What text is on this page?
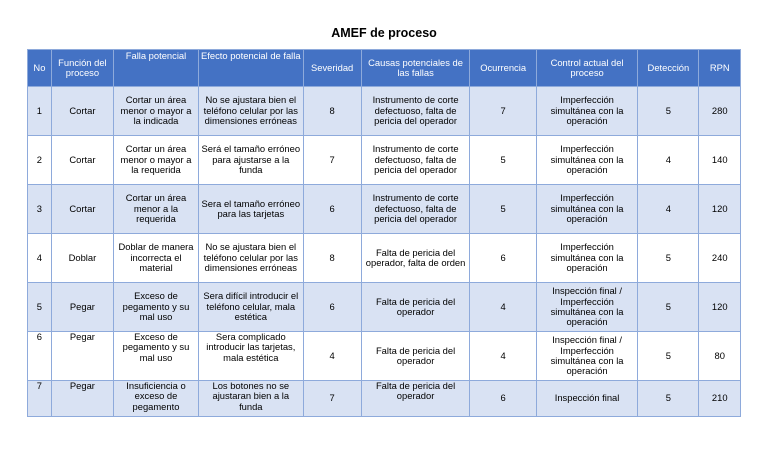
AMEF de proceso
No	Función del proceso	Falla potencial	Efecto potencial de falla	Severidad	Causas potenciales de las fallas	Ocurrencia	Control actual del proceso	Detección	RPN
1	Cortar	Cortar un área menor o mayor a la indicada	No se ajustara bien el teléfono celular por las dimensiones erróneas	8	Instrumento de corte defectuoso, falta de pericia del operador	7	Imperfección simultánea con la operación	5	280
2	Cortar	Cortar un área menor o mayor a la requerida	Será el tamaño erróneo para ajustarse a la funda	7	Instrumento de corte defectuoso, falta de pericia del operador	5	Imperfección simultánea con la operación	4	140
3	Cortar	Cortar un área menor a la requerida	Sera el tamaño erróneo para las tarjetas	6	Instrumento de corte defectuoso, falta de pericia del operador	5	Imperfección simultánea con la operación	4	120
4	Doblar	Doblar de manera incorrecta el material	No se ajustara bien el teléfono celular por las dimensiones erróneas	8	Falta de pericia del operador, falta de orden	6	Imperfección simultánea con la operación	5	240
5	Pegar	Exceso de pegamento y su mal uso	Sera difícil introducir el teléfono celular, mala estética	6	Falta de pericia del operador	4	Inspección final / Imperfección simultánea con la operación	5	120
6	Pegar	Exceso de pegamento y su mal uso	Sera complicado introducir las tarjetas, mala estética	4	Falta de pericia del operador	4	Inspección final / Imperfección simultánea con la operación	5	80
7	Pegar	Insuficiencia o exceso de pegamento	Los botones no se ajustaran bien a la funda	7	Falta de pericia del operador	6	Inspección final	5	210
